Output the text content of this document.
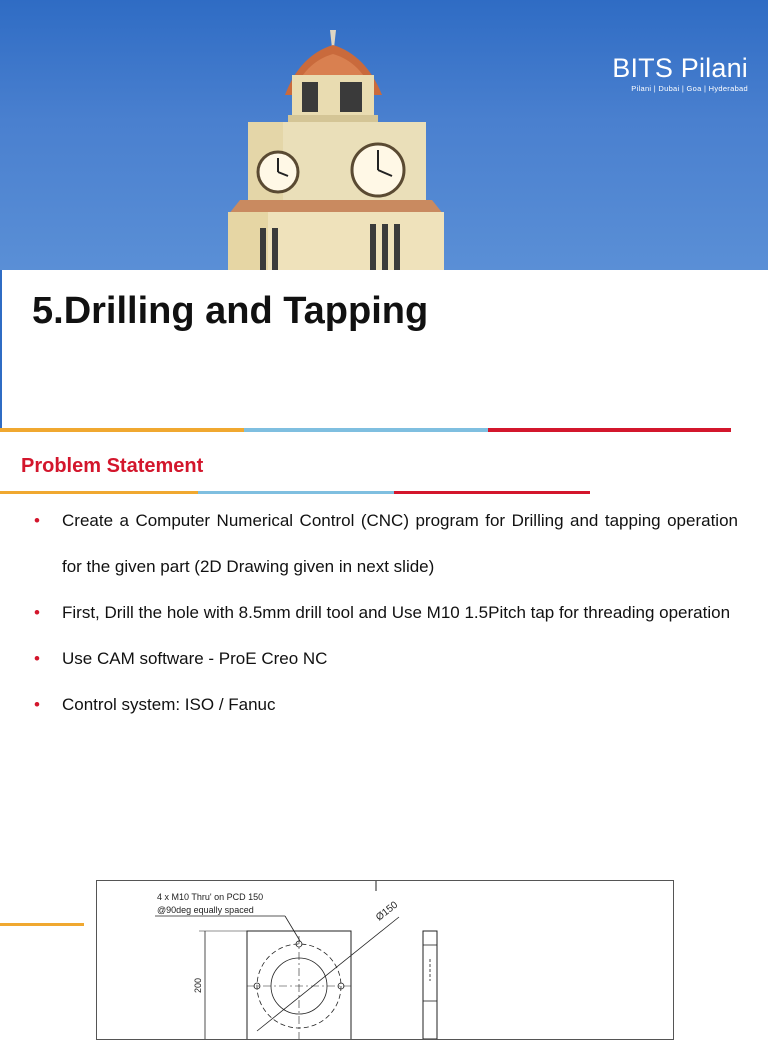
BITS Pilani
Pilani | Dubai | Goa | Hyderabad
5.Drilling and Tapping
Problem Statement
• Create a Computer Numerical Control (CNC) program for Drilling and tapping operation for the given part (2D Drawing given in next slide)
• First, Drill the hole with 8.5mm drill tool and Use M10 1.5Pitch tap for threading operation
• Use CAM software - ProE Creo NC
• Control system: ISO / Fanuc
4 x M10 Thru' on PCD 150
@90deg equally spaced
200
Ø150
